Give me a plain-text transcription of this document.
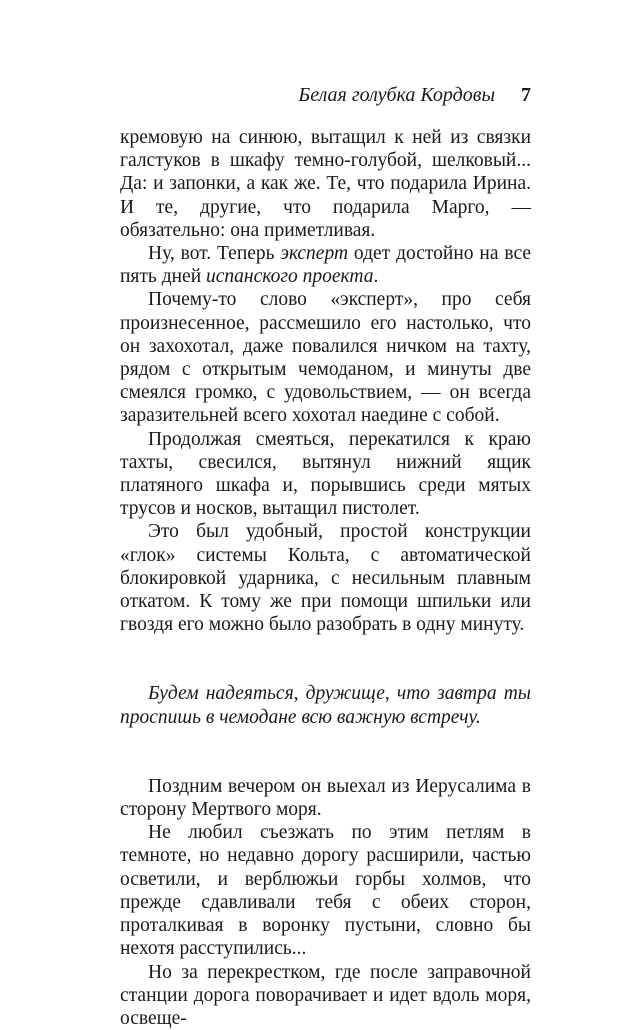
Белая голубка Кордовы 7

кремовую на синюю, вытащил к ней из связки галстуков в шкафу темно-голубой, шелковый... Да: и запонки, а как же. Те, что подарила Ирина. И те, другие, что подарила Марго, — обязательно: она приметливая.

Ну, вот. Теперь эксперт одет достойно на все пять дней испанского проекта.

Почему-то слово «эксперт», про себя произнесенное, рассмешило его настолько, что он захохотал, даже повалился ничком на тахту, рядом с открытым чемоданом, и минуты две смеялся громко, с удовольствием, — он всегда заразительней всего хохотал наедине с собой.

Продолжая смеяться, перекатился к краю тахты, свесился, вытянул нижний ящик платяного шкафа и, порывшись среди мятых трусов и носков, вытащил пистолет.

Это был удобный, простой конструкции «глок» системы Кольта, с автоматической блокировкой ударника, с несильным плавным откатом. К тому же при помощи шпильки или гвоздя его можно было разобрать в одну минуту.

Будем надеяться, дружище, что завтра ты проспишь в чемодане всю важную встречу.

Поздним вечером он выехал из Иерусалима в сторону Мертвого моря.

Не любил съезжать по этим петлям в темноте, но недавно дорогу расширили, частью осветили, и верблюжьи горбы холмов, что прежде сдавливали тебя с обеих сторон, проталкивая в воронку пустыни, словно бы нехотя расступились...

Но за перекрестком, где после заправочной станции дорога поворачивает и идет вдоль моря, освеще-
